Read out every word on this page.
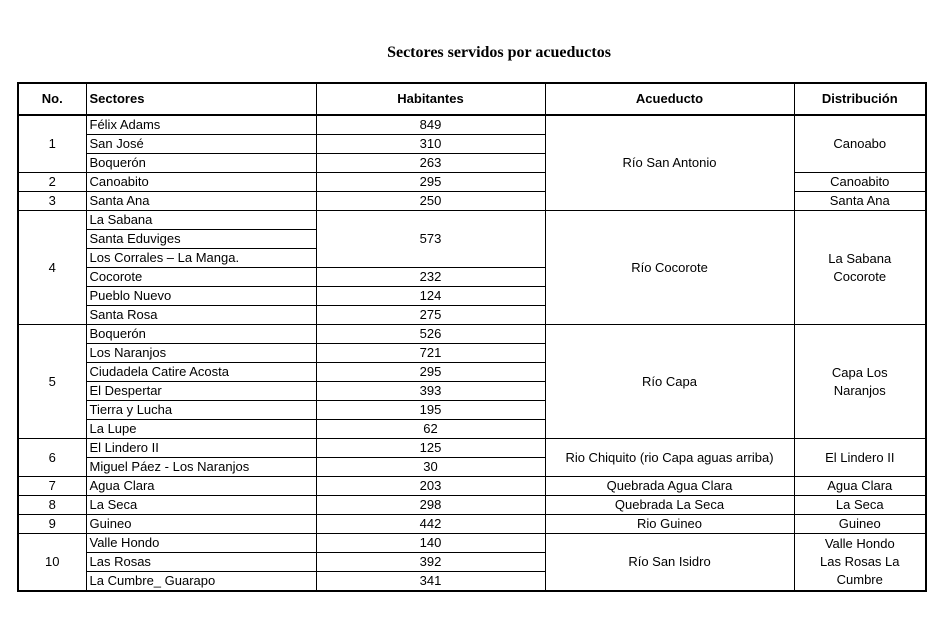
Sectores servidos por acueductos
No.	Sectores	Habitantes	Acueducto	Distribución
1	Félix Adams	849	Río San Antonio	Canoabo
	San José	310		
	Boquerón	263		
2	Canoabito	295		Canoabito
3	Santa Ana	250		Santa Ana
4	La Sabana	573	Río Cocorote	La Sabana Cocorote
	Santa Eduviges			
	Los Corrales – La Manga.			
	Cocorote	232		
	Pueblo Nuevo	124		
	Santa Rosa	275		
5	Boquerón	526	Río Capa	Capa Los Naranjos
	Los Naranjos	721		
	Ciudadela Catire Acosta	295		
	El Despertar	393		
	Tierra y Lucha	195		
	La Lupe	62		
6	El Lindero II	125	Rio Chiquito (rio Capa aguas arriba)	El Lindero II
	Miguel Páez - Los Naranjos	30		
7	Agua Clara	203	Quebrada Agua Clara	Agua Clara
8	La Seca	298	Quebrada La Seca	La Seca
9	Guineo	442	Rio Guineo	Guineo
10	Valle Hondo	140	Río San Isidro	Valle Hondo Las Rosas La Cumbre
	Las Rosas	392		
	La Cumbre_ Guarapo	341		
